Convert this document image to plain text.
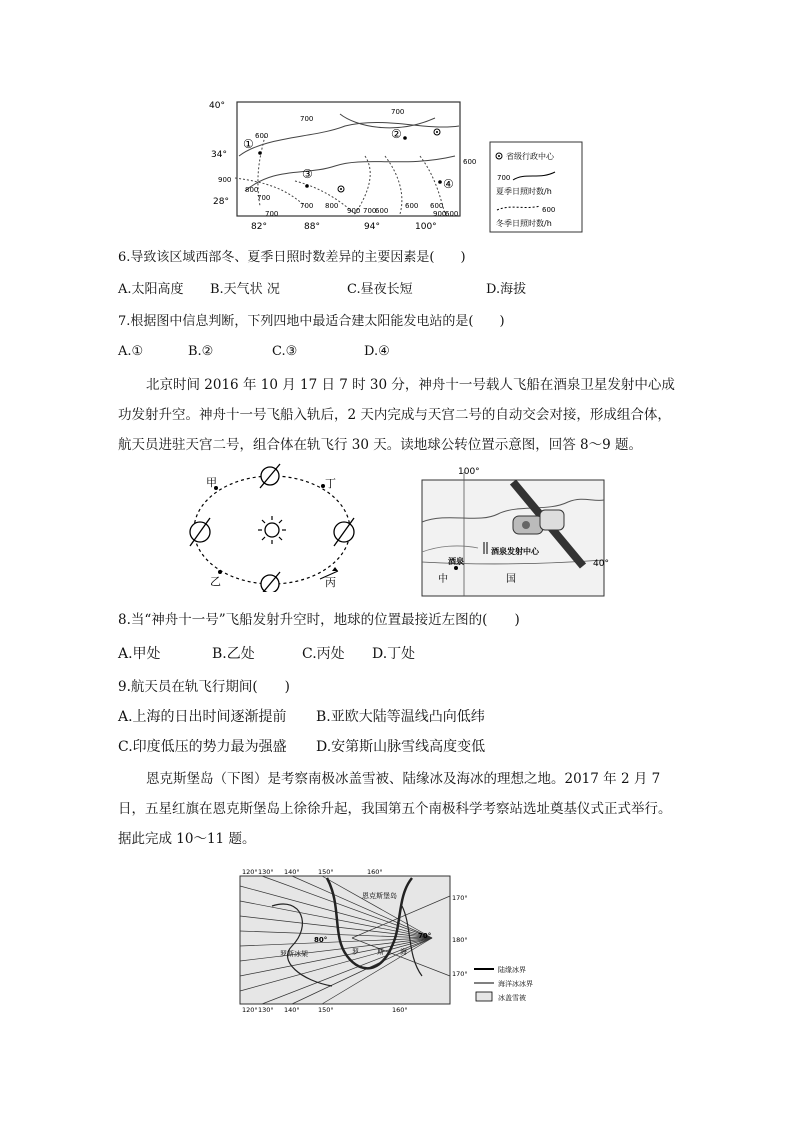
40°
34°
28°
900
82°	88°	94°	100°
700
700
600
600
800
700
700 800
900 700
600
600 600
900
700	600
①
②
③
④
省级行政中心
700
夏季日照时数/h
600
冬季日照时数/h
6.导致该区域西部冬、夏季日照时数差异的主要因素是(　　)
A.太阳高度 B.天气状 况	C.昼夜长短	D.海拔
7.根据图中信息判断，下列四地中最适合建太阳能发电站的是(　　)
A.①	B.②	C.③	D.④
北京时间 2016 年 10 月 17 日 7 时 30 分，神舟十一号载人飞船在酒泉卫星发射中心成功发射升空。神舟十一号飞船入轨后，2 天内完成与天宫二号的自动交会对接，形成组合体，航天员进驻天宫二号，组合体在轨飞行 30 天。读地球公转位置示意图，回答 8～9 题。
甲	丁
乙	丙
100°
40°
酒泉
酒泉发射中心
中	国
8.当“神舟十一号”飞船发射升空时，地球的位置最接近左图的(　　)
A.甲处	B.乙处	C.丙处 D.丁处
9.航天员在轨飞行期间(　　)
A.上海的日出时间逐渐提前 B.亚欧大陆等温线凸向低纬
C.印度低压的势力最为强盛 D.安第斯山脉雪线高度变低
恩克斯堡岛（下图）是考察南极冰盖雪被、陆缘冰及海冰的理想之地。2017 年 2 月 7 日，五星红旗在恩克斯堡岛上徐徐升起，我国第五个南极科学考察站选址奠基仪式正式举行。据此完成 10～11 题。
120° 130° 140°	150°	160°
120° 130° 140°	150°	160°
170°
180°
170°
80°	70°
恩克斯堡岛
罗斯冰架	罗	斯 海
陆缘冰界
海洋冰冰界
冰盖雪被
